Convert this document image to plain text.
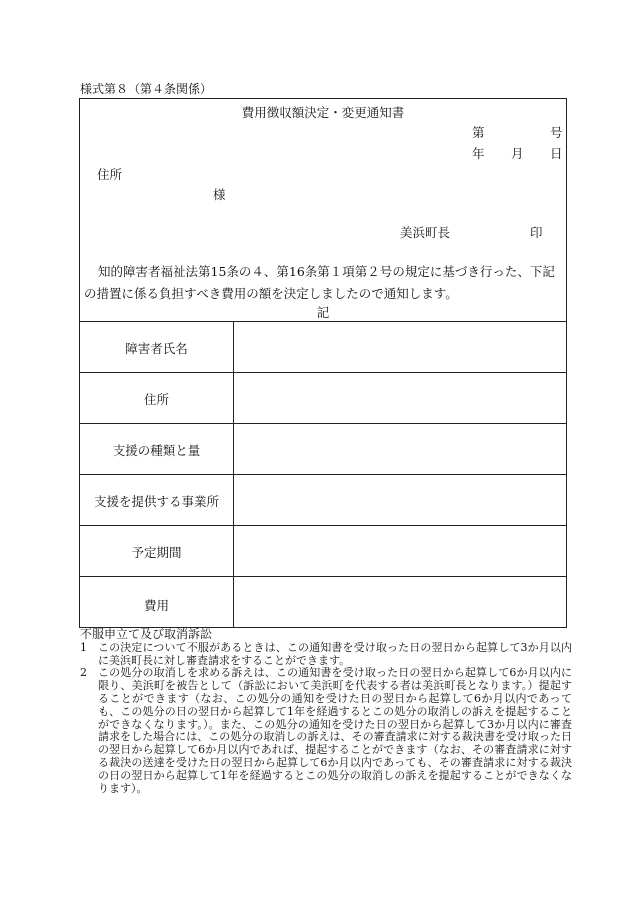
様式第８（第４条関係）
費用徴収額決定・変更通知書
第	号
年 月 日
住所
様
美浜町長	印
知的障害者福祉法第15条の４、第16条第１項第２号の規定に基づき行った、下記
の措置に係る負担すべき費用の額を決定しましたので通知します。
記
障害者氏名
住所
支援の種類と量
支援を提供する事業所
予定期間
費用
不服申立て及び取消訴訟
1	この決定について不服があるときは、この通知書を受け取った日の翌日から起算して3か月以内に美浜町長に対し審査請求をすることができます。
2	この処分の取消しを求める訴えは、この通知書を受け取った日の翌日から起算して6か月以内に限り、美浜町を被告として（訴訟において美浜町を代表する者は美浜町長となります。）提起することができます（なお、この処分の通知を受けた日の翌日から起算して6か月以内であっても、この処分の日の翌日から起算して1年を経過するとこの処分の取消しの訴えを提起することができなくなります。）。また、この処分の通知を受けた日の翌日から起算して3か月以内に審査請求をした場合には、この処分の取消しの訴えは、その審査請求に対する裁決書を受け取った日の翌日から起算して6か月以内であれば、提起することができます（なお、その審査請求に対する裁決の送達を受けた日の翌日から起算して6か月以内であっても、その審査請求に対する裁決の日の翌日から起算して1年を経過するとこの処分の取消しの訴えを提起することができなくなります）。
